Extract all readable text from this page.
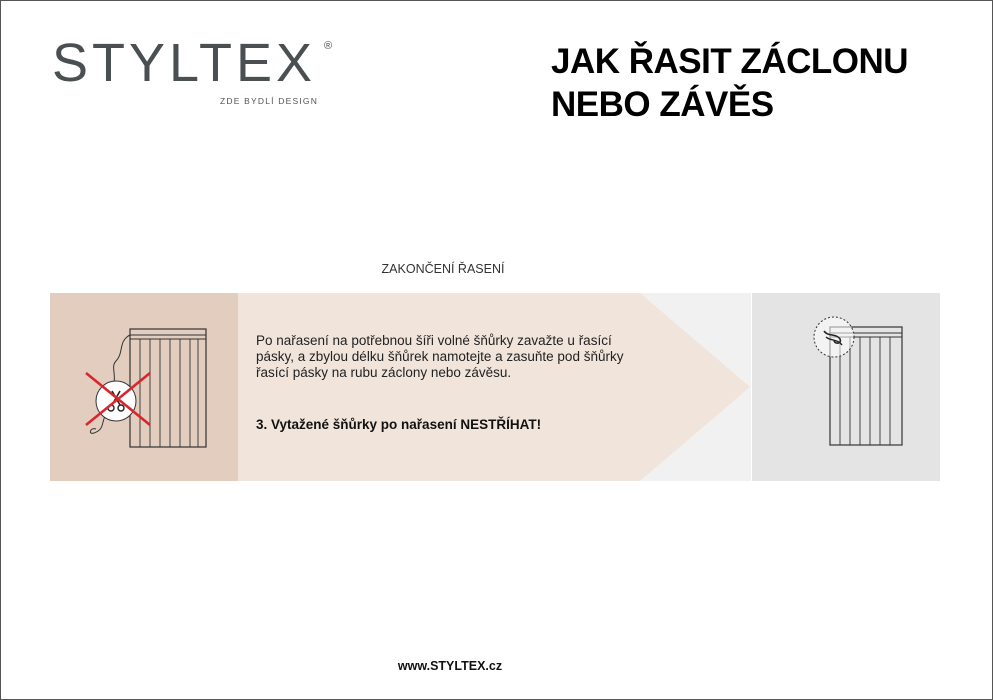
STYLTEX ®
ZDE BYDLÍ DESIGN
JAK ŘASIT ZÁCLONU
NEBO ZÁVĚS
ZAKONČENÍ ŘASENÍ
Po nařasení na potřebnou šíři volné šňůrky zavažte u řasící pásky, a zbylou délku šňůrek namotejte a zasuňte pod šňůrky řasící pásky na rubu záclony nebo závěsu.
3. Vytažené šňůrky po nařasení NESTŘÍHAT!
www.STYLTEX.cz
